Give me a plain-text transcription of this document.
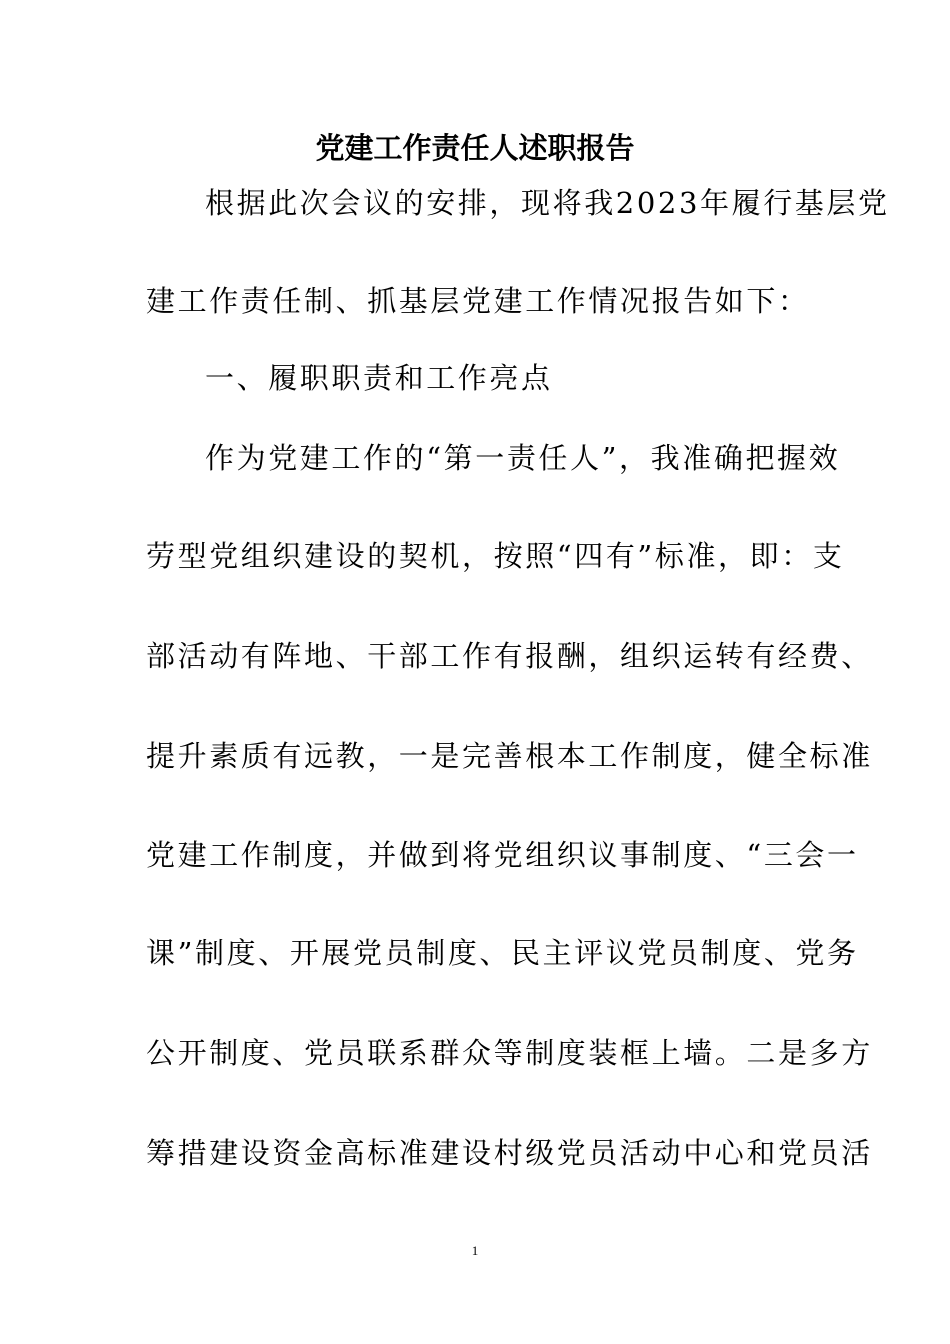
党建工作责任人述职报告
根据此次会议的安排，现将我2023年履行基层党
建工作责任制、抓基层党建工作情况报告如下：
一、履职职责和工作亮点
作为党建工作的“第一责任人”，我准确把握效
劳型党组织建设的契机，按照“四有”标准，即：支
部活动有阵地、干部工作有报酬，组织运转有经费、
提升素质有远教，一是完善根本工作制度，健全标准
党建工作制度，并做到将党组织议事制度、“三会一
课”制度、开展党员制度、民主评议党员制度、党务
公开制度、党员联系群众等制度装框上墙。二是多方
筹措建设资金高标准建设村级党员活动中心和党员活
1
